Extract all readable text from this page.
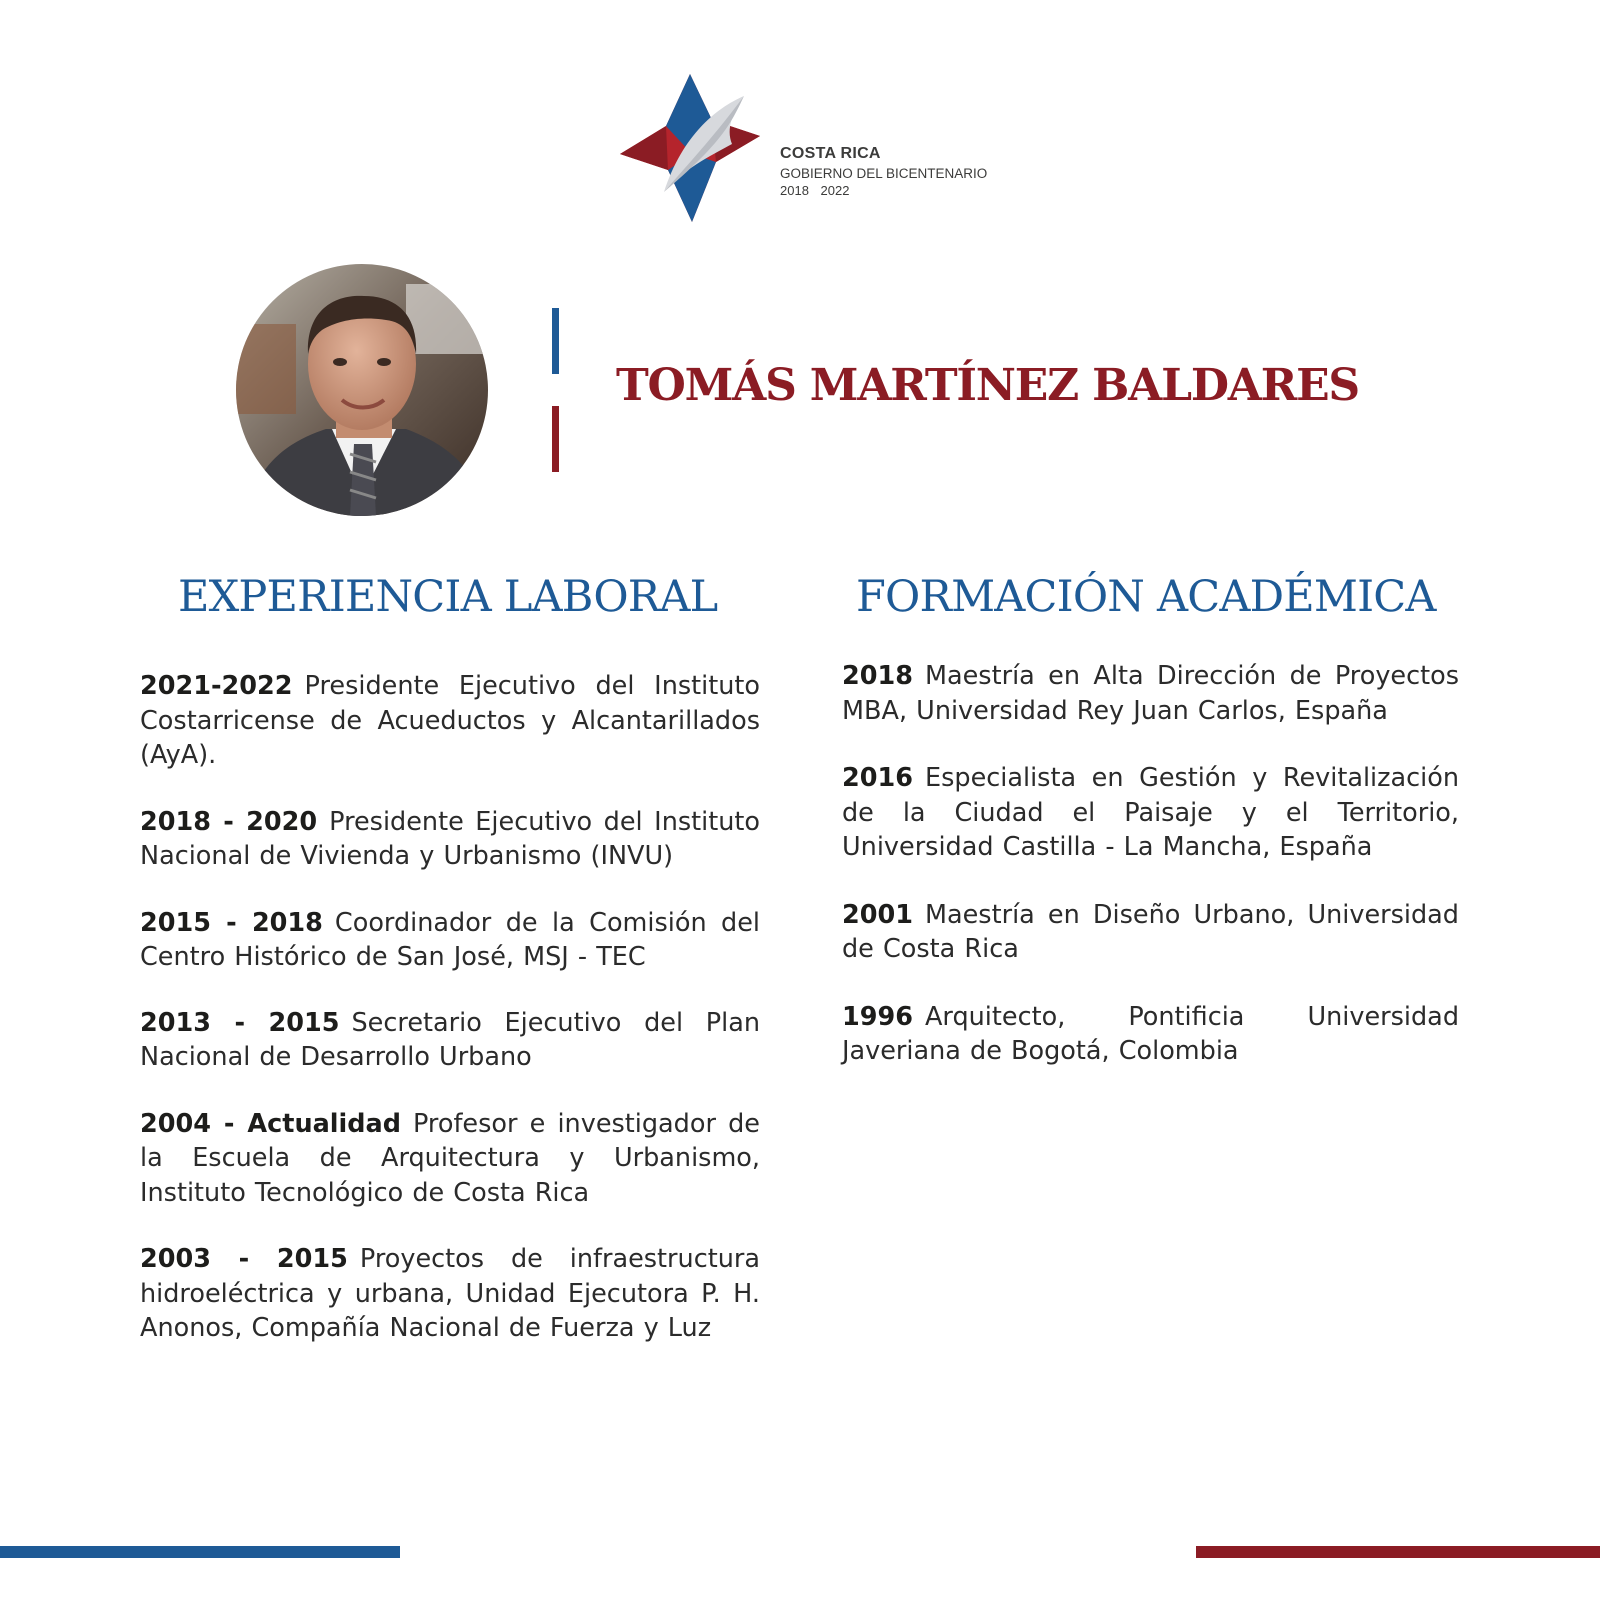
COSTA RICA
GOBIERNO DEL BICENTENARIO
2018 2022
TOMÁS MARTÍNEZ BALDARES
EXPERIENCIA LABORAL	FORMACIÓN ACADÉMICA
2021-2022 Presidente Ejecutivo del Instituto Costarricense de Acueductos y Alcantarillados (AyA).
2018 - 2020 Presidente Ejecutivo del Instituto Nacional de Vivienda y Urbanismo (INVU)
2015 - 2018 Coordinador de la Comisión del Centro Histórico de San José, MSJ - TEC
2013 - 2015 Secretario Ejecutivo del Plan Nacional de Desarrollo Urbano
2004 - Actualidad Profesor e investigador de la Escuela de Arquitectura y Urbanismo, Instituto Tecnológico de Costa Rica
2003 - 2015 Proyectos de infraestructura hidroeléctrica y urbana, Unidad Ejecutora P. H. Anonos, Compañía Nacional de Fuerza y Luz
2018 Maestría en Alta Dirección de Proyectos MBA, Universidad Rey Juan Carlos, España
2016 Especialista en Gestión y Revitalización de la Ciudad el Paisaje y el Territorio, Universidad Castilla - La Mancha, España
2001 Maestría en Diseño Urbano, Universidad de Costa Rica
1996 Arquitecto, Pontificia Universidad Javeriana de Bogotá, Colombia
